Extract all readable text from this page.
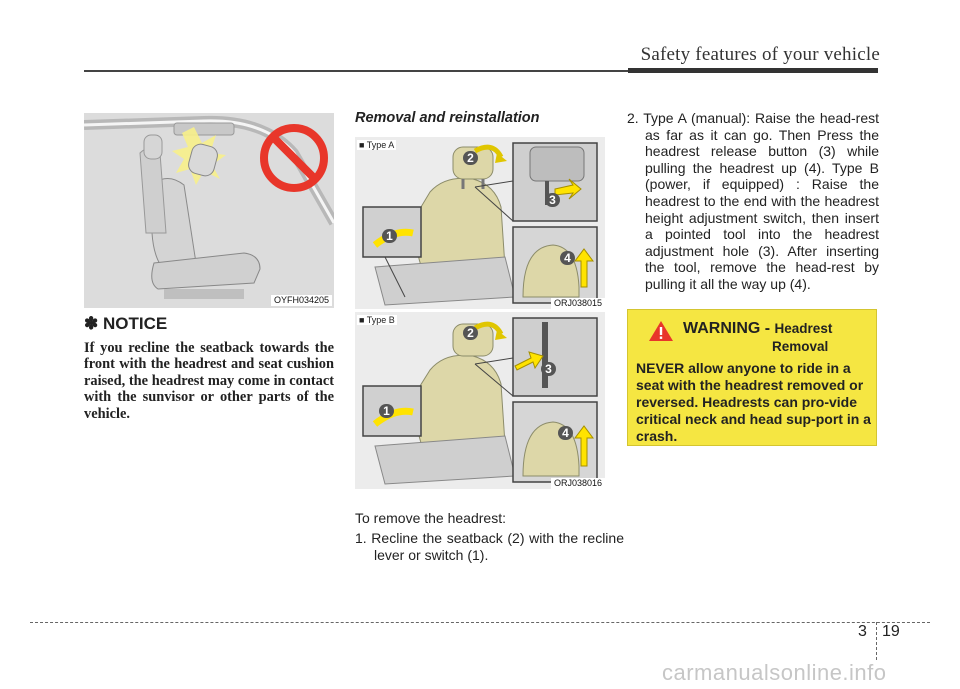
Safety features of your vehicle
OYFH034205
✽ NOTICE
If you recline the seatback towards the front with the headrest and seat cushion raised, the headrest may come in contact with the sunvisor or other parts of the vehicle.
Removal and reinstallation
■ Type A
1
2
3
4
ORJ038015
■ Type B
1
2
3
4
ORJ038016
To remove the headrest:
1. Recline the seatback (2) with the recline lever or switch (1).
2. Type A (manual): Raise the head-rest as far as it can go. Then Press the headrest release button (3) while pulling the headrest up (4). Type B (power, if equipped) : Raise the headrest to the end with the headrest height adjustment switch, then insert a pointed tool into the headrest adjustment hole (3). After inserting the tool, remove the head-rest by pulling it all the way up (4).
WARNING - Headrest
Removal
NEVER allow anyone to ride in a seat with the headrest removed or reversed. Headrests can pro-vide critical neck and head sup-port in a crash.
3 19
carmanualsonline.info
